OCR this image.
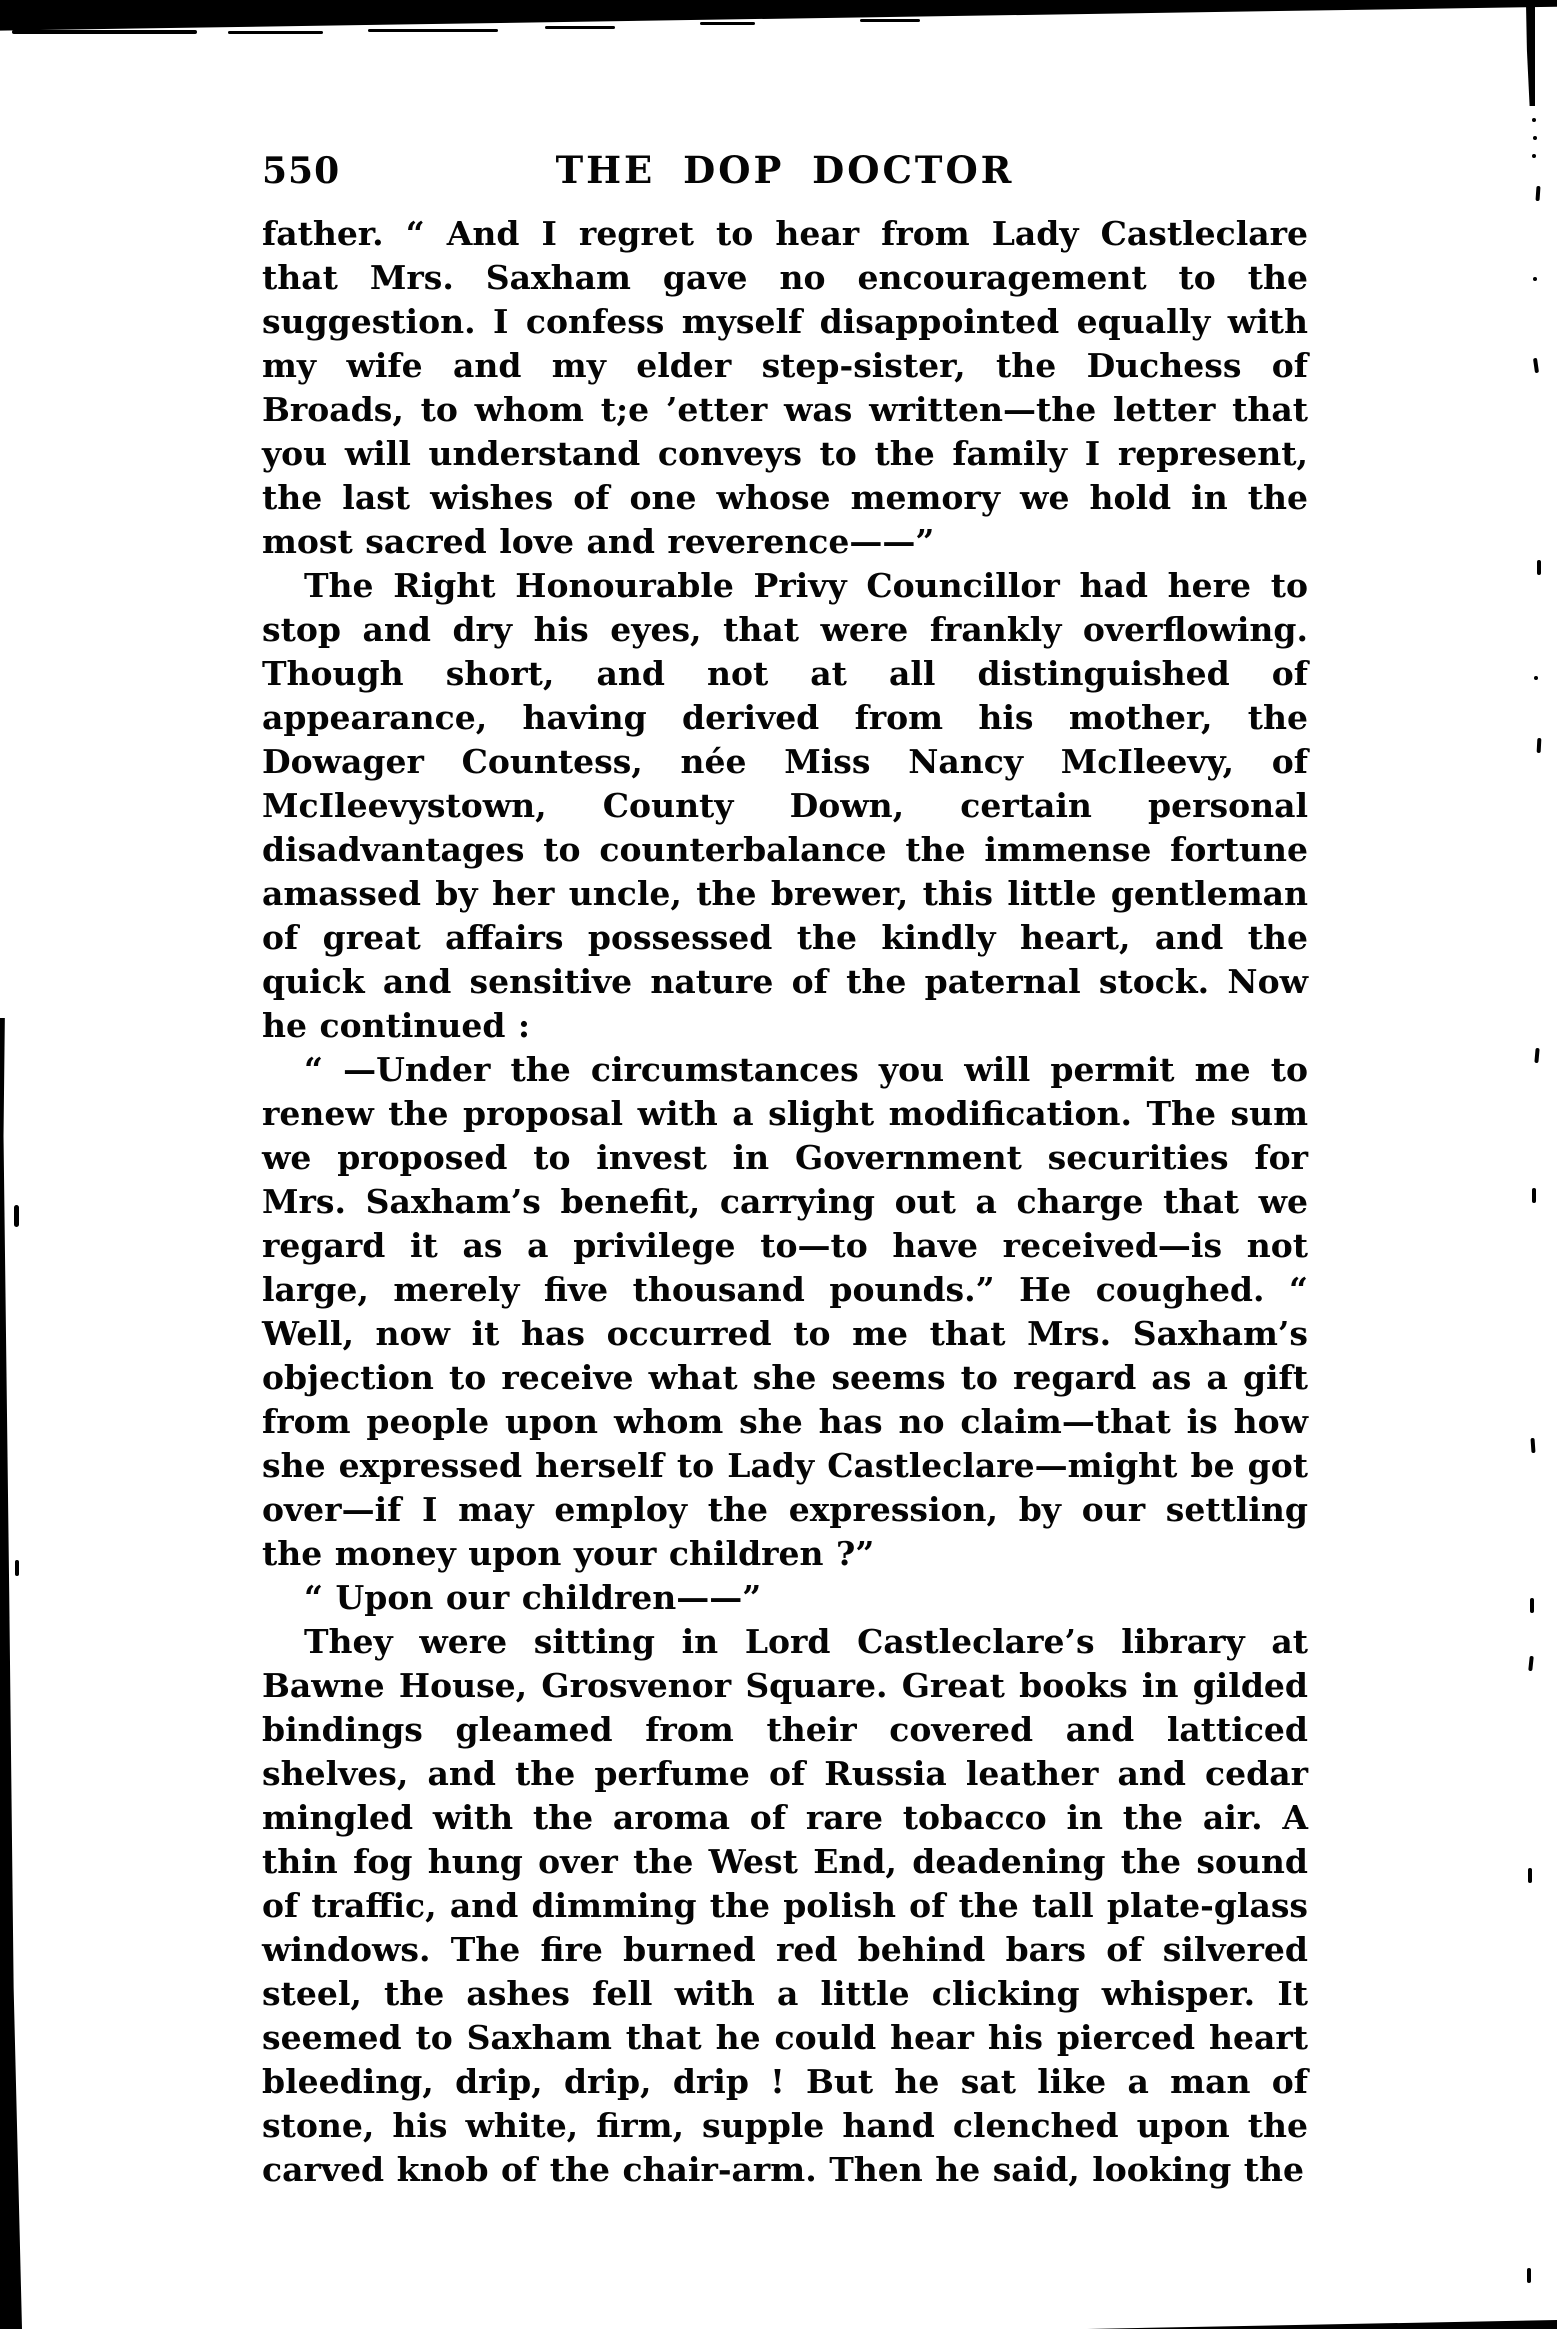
550	THE DOP DOCTOR

father. “ And I regret to hear from Lady Castleclare that Mrs. Saxham gave no encouragement to the suggestion. I confess myself disappointed equally with my wife and my elder step-sister, the Duchess of Broads, to whom t;e ’etter was written—the letter that you will understand conveys to the family I represent, the last wishes of one whose memory we hold in the most sacred love and reverence——”

The Right Honourable Privy Councillor had here to stop and dry his eyes, that were frankly overflowing. Though short, and not at all distinguished of appearance, having derived from his mother, the Dowager Countess, née Miss Nancy McIleevy, of McIleevystown, County Down, certain personal disadvantages to counterbalance the immense fortune amassed by her uncle, the brewer, this little gentleman of great affairs possessed the kindly heart, and the quick and sensitive nature of the paternal stock. Now he continued :

“ —Under the circumstances you will permit me to renew the proposal with a slight modification. The sum we proposed to invest in Government securities for Mrs. Saxham’s benefit, carrying out a charge that we regard it as a privilege to—to have received—is not large, merely five thousand pounds.” He coughed. “ Well, now it has occurred to me that Mrs. Saxham’s objection to receive what she seems to regard as a gift from people upon whom she has no claim—that is how she expressed herself to Lady Castleclare—might be got over—if I may employ the expression, by our settling the money upon your children ?”

“ Upon our children——”

They were sitting in Lord Castleclare’s library at Bawne House, Grosvenor Square. Great books in gilded bindings gleamed from their covered and latticed shelves, and the perfume of Russia leather and cedar mingled with the aroma of rare tobacco in the air. A thin fog hung over the West End, deadening the sound of traffic, and dimming the polish of the tall plate-glass windows. The fire burned red behind bars of silvered steel, the ashes fell with a little clicking whisper. It seemed to Saxham that he could hear his pierced heart bleeding, drip, drip, drip ! But he sat like a man of stone, his white, firm, supple hand clenched upon the carved knob of the chair-arm. Then he said, looking the
